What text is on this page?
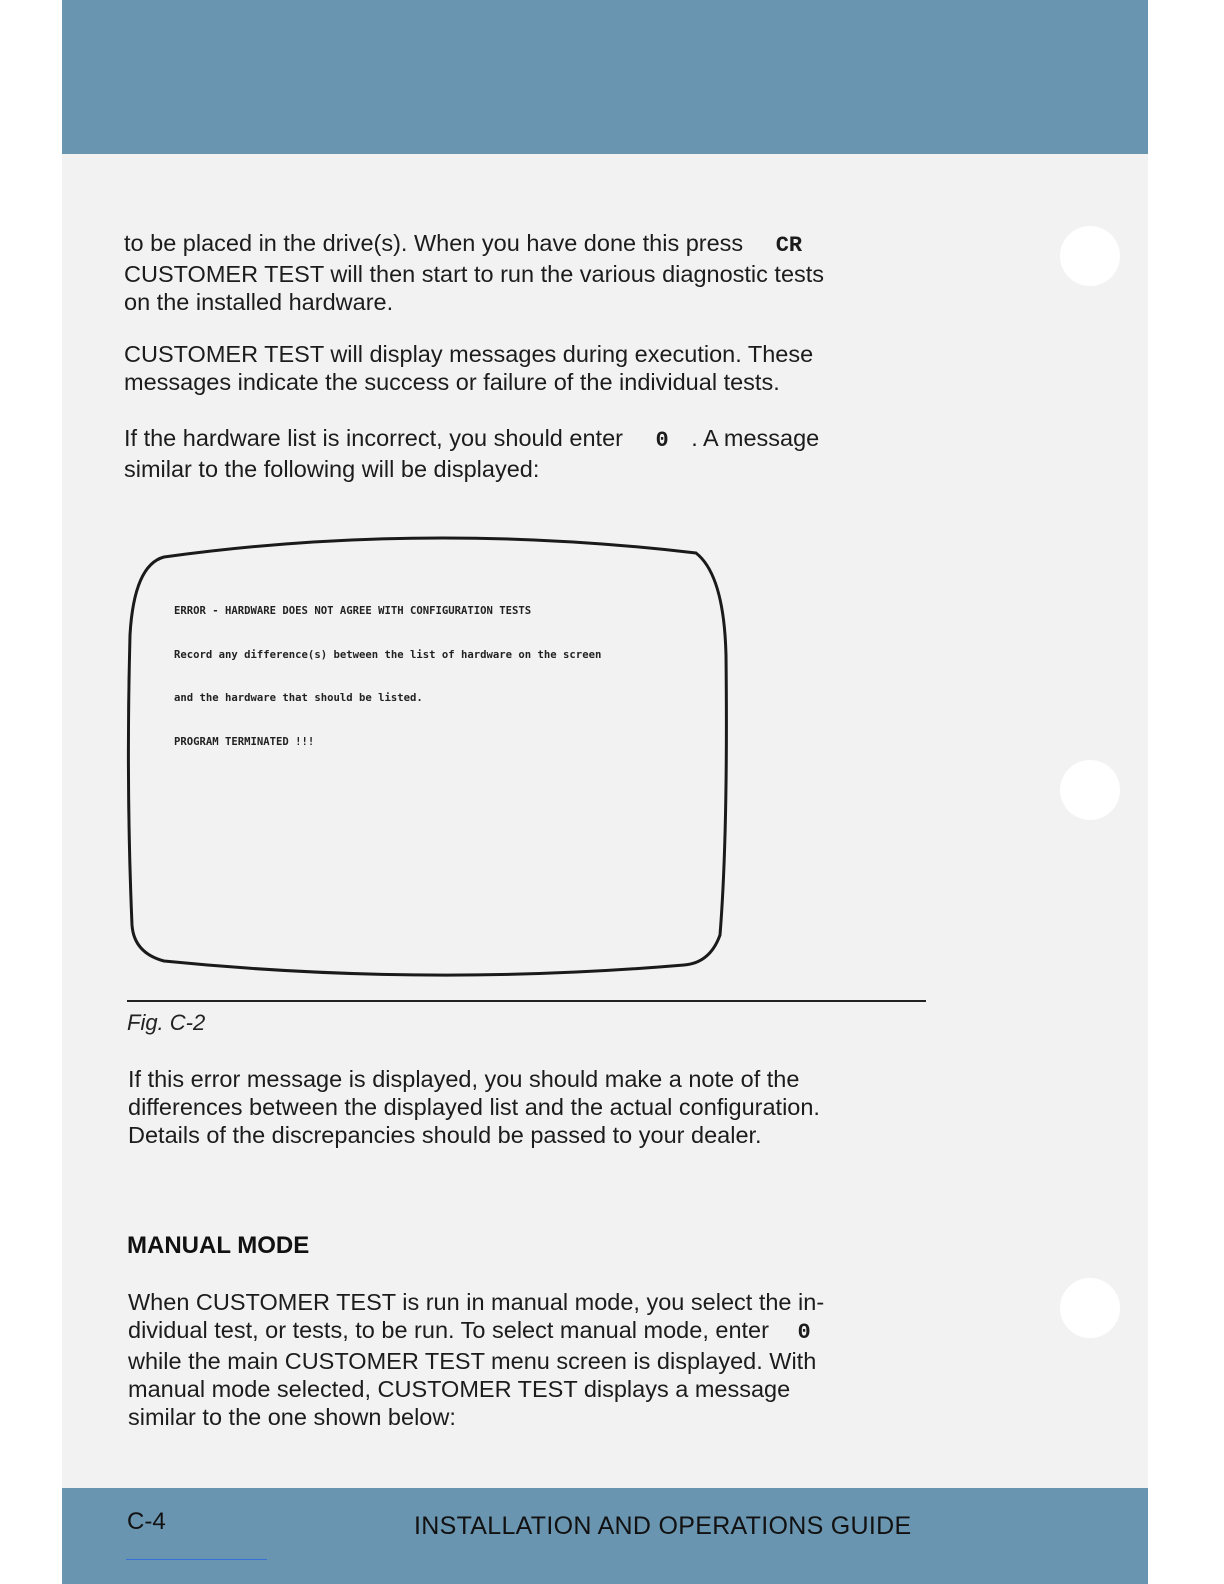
to be placed in the drive(s). When you have done this press CR
CUSTOMER TEST will then start to run the various diagnostic tests
on the installed hardware.
CUSTOMER TEST will display messages during execution. These
messages indicate the success or failure of the individual tests.
If the hardware list is incorrect, you should enter 0 . A message
similar to the following will be displayed:

ERROR - HARDWARE DOES NOT AGREE WITH CONFIGURATION TESTS

Record any difference(s) between the list of hardware on the screen

and the hardware that should be listed.

PROGRAM TERMINATED !!!

Fig. C-2
If this error message is displayed, you should make a note of the
differences between the displayed list and the actual configuration.
Details of the discrepancies should be passed to your dealer.
MANUAL MODE
When CUSTOMER TEST is run in manual mode, you select the in-
dividual test, or tests, to be run. To select manual mode, enter 0
while the main CUSTOMER TEST menu screen is displayed. With
manual mode selected, CUSTOMER TEST displays a message
similar to the one shown below:
C-4	INSTALLATION AND OPERATIONS GUIDE
